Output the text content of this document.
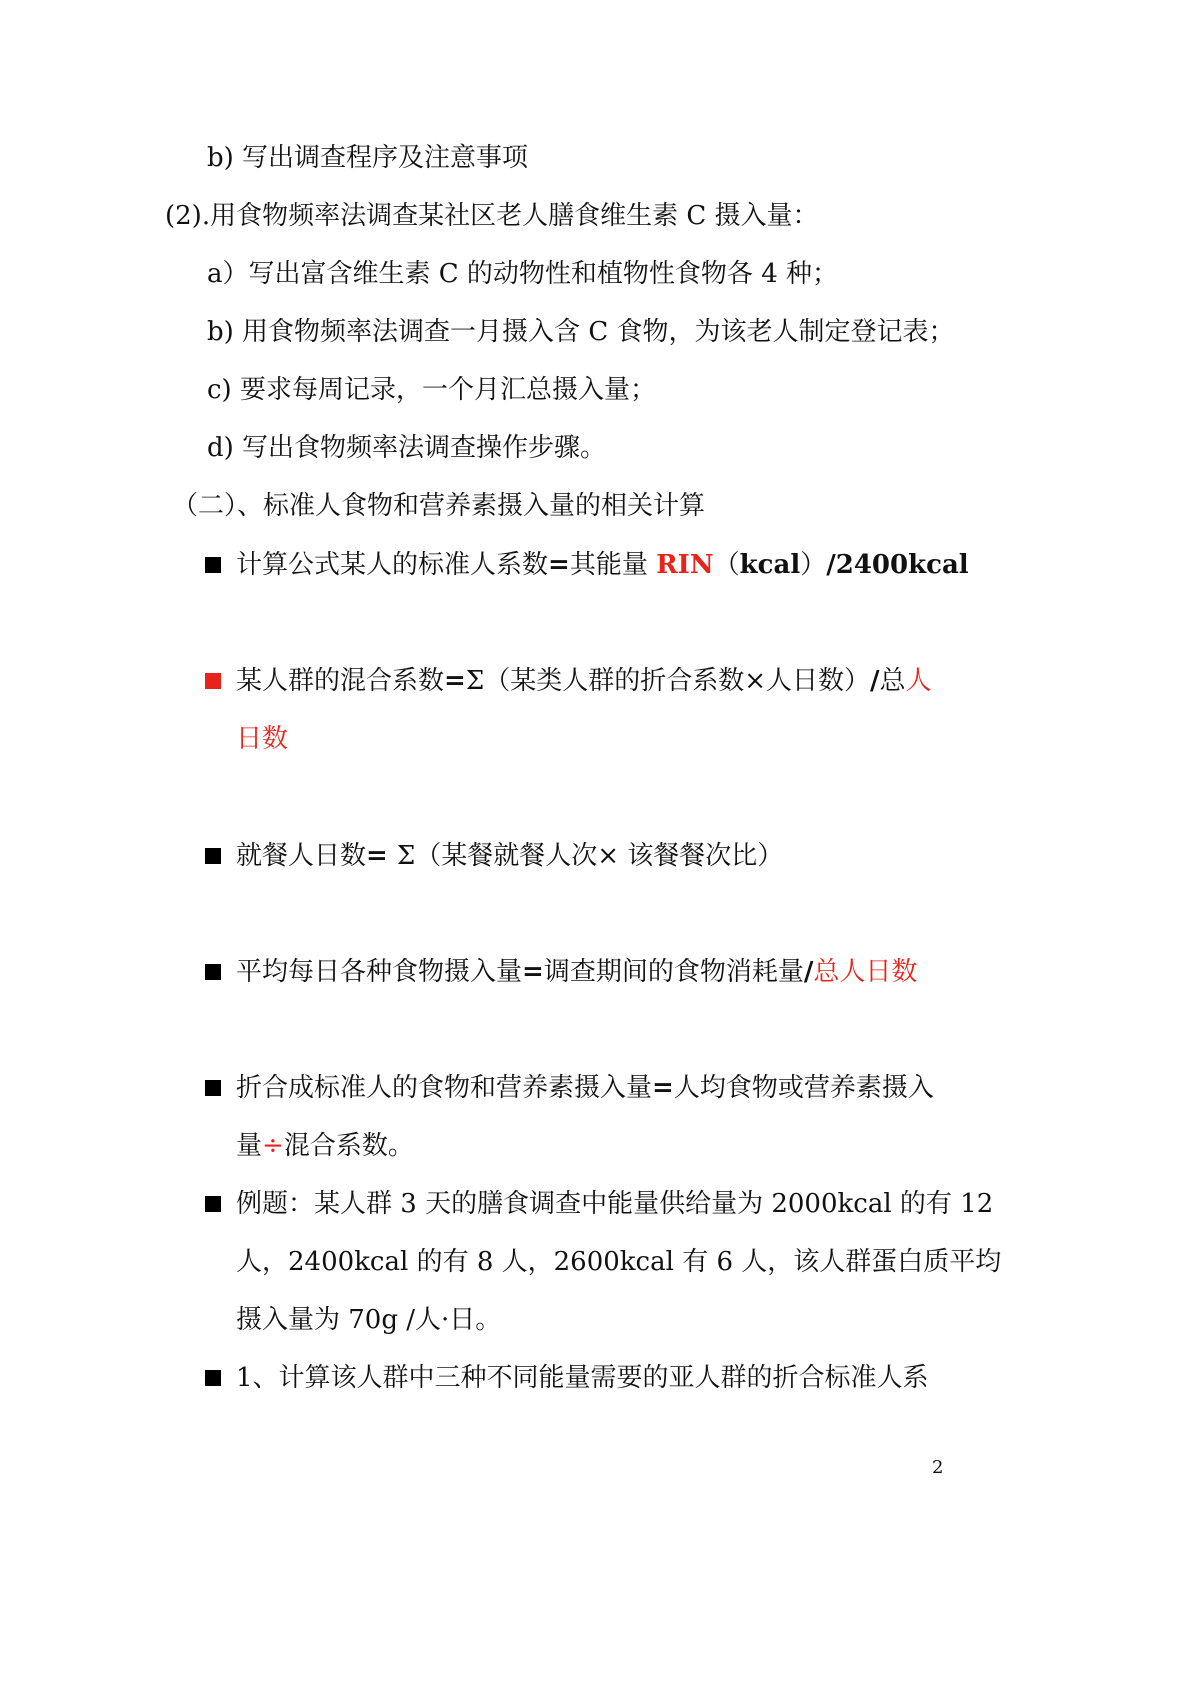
b) 写出调查程序及注意事项
(2).用食物频率法调查某社区老人膳食维生素 C 摄入量：
a）写出富含维生素 C 的动物性和植物性食物各 4 种；
b) 用食物频率法调查一月摄入含 C 食物，为该老人制定登记表；
c) 要求每周记录，一个月汇总摄入量；
d) 写出食物频率法调查操作步骤。
（二）、标准人食物和营养素摄入量的相关计算
计算公式某人的标准人系数=其能量 RIN（kcal）/2400kcal
某人群的混合系数=Σ（某类人群的折合系数×人日数）/总人
日数
就餐人日数= Σ（某餐就餐人次× 该餐餐次比）
平均每日各种食物摄入量=调查期间的食物消耗量/总人日数
折合成标准人的食物和营养素摄入量=人均食物或营养素摄入
量÷混合系数。
例题：某人群 3 天的膳食调查中能量供给量为 2000kcal 的有 12
人，2400kcal 的有 8 人，2600kcal 有 6 人，该人群蛋白质平均
摄入量为 70g /人·日。
1、计算该人群中三种不同能量需要的亚人群的折合标准人系
2
